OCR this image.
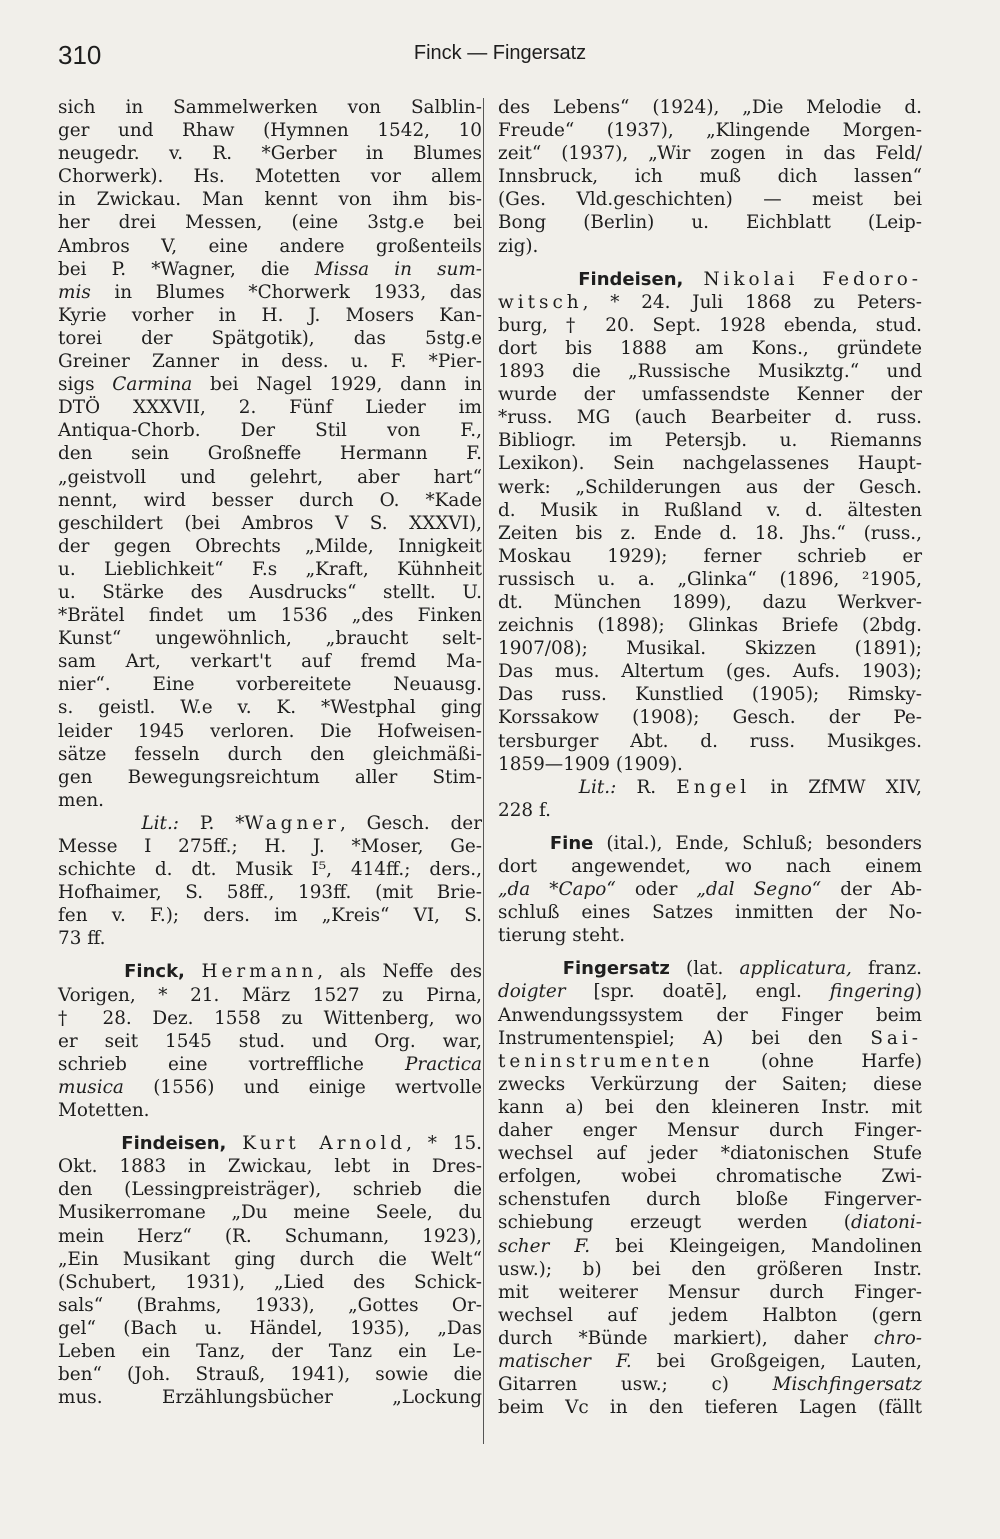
310	Finck — Fingersatz
sich in Sammelwerken von Salblin-
ger und Rhaw (Hymnen 1542, 10
neugedr. v. R. *Gerber in Blumes
Chorwerk). Hs. Motetten vor allem
in Zwickau. Man kennt von ihm bis-
her drei Messen, (eine 3stg.e bei
Ambros V, eine andere großenteils
bei P. *Wagner, die Missa in sum-
mis in Blumes *Chorwerk 1933, das
Kyrie vorher in H. J. Mosers Kan-
torei der Spätgotik), das 5stg.e
Greiner Zanner in dess. u. F. *Pier-
sigs Carmina bei Nagel 1929, dann in
DTÖ XXXVII, 2. Fünf Lieder im
Antiqua-Chorb. Der Stil von F.,
den sein Großneffe Hermann F.
„geistvoll und gelehrt, aber hart“
nennt, wird besser durch O. *Kade
geschildert (bei Ambros V S. XXXVI),
der gegen Obrechts „Milde, Innigkeit
u. Lieblichkeit“ F.s „Kraft, Kühnheit
u. Stärke des Ausdrucks“ stellt. U.
*Brätel findet um 1536 „des Finken
Kunst“ ungewöhnlich, „braucht selt-
sam Art, verkart't auf fremd Ma-
nier“. Eine vorbereitete Neuausg.
s. geistl. W.e v. K. *Westphal ging
leider 1945 verloren. Die Hofweisen-
sätze fesseln durch den gleichmäßi-
gen Bewegungsreichtum aller Stim-
men.
Lit.: P. *Wagner, Gesch. der
Messe I 275ff.; H. J. *Moser, Ge-
schichte d. dt. Musik I⁵, 414ff.; ders.,
Hofhaimer, S. 58ff., 193ff. (mit Brie-
fen v. F.); ders. im „Kreis“ VI, S.
73 ff.
Finck, Hermann, als Neffe des
Vorigen, * 21. März 1527 zu Pirna,
† 28. Dez. 1558 zu Wittenberg, wo
er seit 1545 stud. und Org. war,
schrieb eine vortreffliche Practica
musica (1556) und einige wertvolle
Motetten.
Findeisen, Kurt Arnold, * 15.
Okt. 1883 in Zwickau, lebt in Dres-
den (Lessingpreisträger), schrieb die
Musikerromane „Du meine Seele, du
mein Herz“ (R. Schumann, 1923),
„Ein Musikant ging durch die Welt“
(Schubert, 1931), „Lied des Schick-
sals“ (Brahms, 1933), „Gottes Or-
gel“ (Bach u. Händel, 1935), „Das
Leben ein Tanz, der Tanz ein Le-
ben“ (Joh. Strauß, 1941), sowie die
mus. Erzählungsbücher „Lockung
des Lebens“ (1924), „Die Melodie d.
Freude“ (1937), „Klingende Morgen-
zeit“ (1937), „Wir zogen in das Feld/
Innsbruck, ich muß dich lassen“
(Ges. Vld.geschichten) — meist bei
Bong (Berlin) u. Eichblatt (Leip-
zig).
Findeisen, Nikolai Fedoro-
witsch, * 24. Juli 1868 zu Peters-
burg, † 20. Sept. 1928 ebenda, stud.
dort bis 1888 am Kons., gründete
1893 die „Russische Musikztg.“ und
wurde der umfassendste Kenner der
*russ. MG (auch Bearbeiter d. russ.
Bibliogr. im Petersjb. u. Riemanns
Lexikon). Sein nachgelassenes Haupt-
werk: „Schilderungen aus der Gesch.
d. Musik in Rußland v. d. ältesten
Zeiten bis z. Ende d. 18. Jhs.“ (russ.,
Moskau 1929); ferner schrieb er
russisch u. a. „Glinka“ (1896, ²1905,
dt. München 1899), dazu Werkver-
zeichnis (1898); Glinkas Briefe (2bdg.
1907/08); Musikal. Skizzen (1891);
Das mus. Altertum (ges. Aufs. 1903);
Das russ. Kunstlied (1905); Rimsky-
Korssakow (1908); Gesch. der Pe-
tersburger Abt. d. russ. Musikges.
1859—1909 (1909).
Lit.: R. Engel in ZfMW XIV,
228 f.
Fine (ital.), Ende, Schluß; besonders
dort angewendet, wo nach einem
„da *Capo“ oder „dal Segno“ der Ab-
schluß eines Satzes inmitten der No-
tierung steht.
Fingersatz (lat. applicatura, franz.
doigter [spr. doatē], engl. fingering)
Anwendungssystem der Finger beim
Instrumentenspiel; A) bei den Sai-
teninstrumenten (ohne Harfe)
zwecks Verkürzung der Saiten; diese
kann a) bei den kleineren Instr. mit
daher enger Mensur durch Finger-
wechsel auf jeder *diatonischen Stufe
erfolgen, wobei chromatische Zwi-
schenstufen durch bloße Fingerver-
schiebung erzeugt werden (diatoni-
scher F. bei Kleingeigen, Mandolinen
usw.); b) bei den größeren Instr.
mit weiterer Mensur durch Finger-
wechsel auf jedem Halbton (gern
durch *Bünde markiert), daher chro-
matischer F. bei Großgeigen, Lauten,
Gitarren usw.; c) Mischfingersatz
beim Vc in den tieferen Lagen (fällt
